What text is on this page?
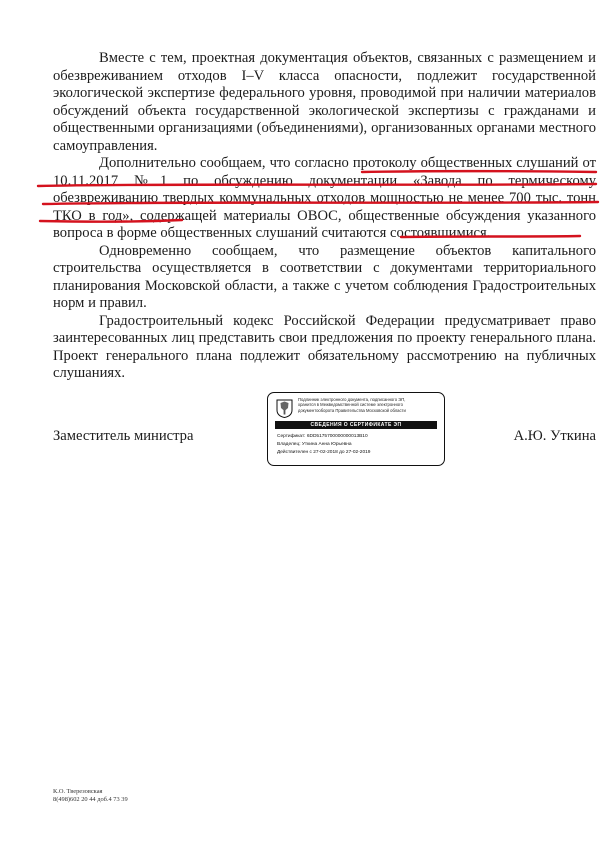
Вместе с тем, проектная документация объектов, связанных с размещением и обезвреживанием отходов I–V класса опасности, подлежит государственной экологической экспертизе федерального уровня, проводимой при наличии материалов обсуждений объекта государственной экологической экспертизы с гражданами и общественными организациями (объединениями), организованных органами местного самоуправления.

Дополнительно сообщаем, что согласно протоколу общественных слушаний от 10.11.2017 №1 по обсуждению документации «Завода по термическому обезвреживанию твердых коммунальных отходов мощностью не менее 700 тыс. тонн ТКО в год», содержащей материалы ОВОС, общественные обсуждения указанного вопроса в форме общественных слушаний считаются состоявшимися.

Одновременно сообщаем, что размещение объектов капитального строительства осуществляется в соответствии с документами территориального планирования Московской области, а также с учетом соблюдения Градостроительных норм и правил.

Градостроительный кодекс Российской Федерации предусматривает право заинтересованных лиц представить свои предложения по проекту генерального плана. Проект генерального плана подлежит обязательному рассмотрению на публичных слушаниях.

Заместитель министра	А.Ю. Уткина
Подлинник электронного документа, подписанного ЭП,
хранится в Межведомственной системе электронного
документооборота Правительства Московской области
СВЕДЕНИЯ О СЕРТИФИКАТЕ ЭП
Сертификат: 6DD5175700000000013B10
Владелец: Уткина Анна Юрьевна
Действителен с 27-02-2018 до 27-02-2019
К.О. Тверезовская
8(498)602 20 44 доб.4 73 39
